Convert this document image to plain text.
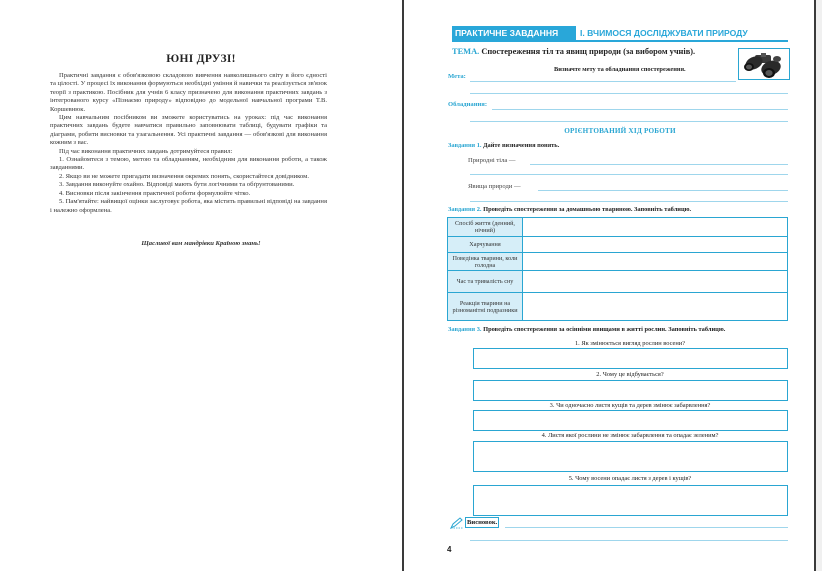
ЮНІ ДРУЗІ!

Практичні завдання є обов'язковою складовою вивчення навколишнього світу в його єдності та цілості. У процесі їх виконання формуються необхідні уміння й навички та реалізується зв'язок теорії з практикою. Посібник для учнів 6 класу призначено для виконання практичних завдань з інтегрованого курсу «Пізнаємо природу» відповідно до модельної навчальної програми Т.В. Коршевнюк.

Цим навчальним посібником ви зможете користуватись на уроках: під час виконання практичних завдань будете навчатися правильно заповнювати таблиці, будувати графіки та діаграми, робити висновки та узагальнення. Усі практичні завдання — обов'язкові для виконання кожним з вас.

Під час виконання практичних завдань дотримуйтеся правил:

1. Ознайомтеся з темою, метою та обладнанням, необхідним для виконання роботи, а також завданнями.

2. Якщо ви не можете пригадати визначення окремих понять, скористайтеся довідником.

3. Завдання виконуйте охайно. Відповіді мають бути логічними та обґрунтованими.

4. Висновки після закінчення практичної роботи формулюйте чітко.

5. Пам'ятайте: найвищої оцінки заслуговує робота, яка містить правильні відповіді на завдання і належно оформлена.

Щасливої вам мандрівки Країною знань!
ПРАКТИЧНЕ ЗАВДАННЯ	І. ВЧИМОСЯ ДОСЛІДЖУВАТИ ПРИРОДУ
ТЕМА. Спостереження тіл та явищ природи (за вибором учнів).
Визначте мету та обладнання спостереження.
Мета:
Обладнання:
ОРІЄНТОВАНИЙ ХІД РОБОТИ
Завдання 1. Дайте визначення понять.
Природні тіла —
Явища природи —
Завдання 2. Проведіть спостереження за домашньою твариною. Заповніть таблицю.
Завдання 3. Проведіть спостереження за осінніми явищами в житті рослин. Заповніть таблицю.
Спосіб життя (денний, нічний)	
Харчування	
Поведінка тварини, коли голодна	
Час та тривалість сну	
Реакція тварини на різноманітні подразники	
1. Як змінюється вигляд рослин восени?
2. Чому це відбувається?
3. Чи одночасно листя кущів та дерев змінює забарвлення?
4. Листя якої рослини не змінює забарвлення та опадає зеленим?
5. Чому восени опадає листя з дерев і кущів?
Висновок.
4
